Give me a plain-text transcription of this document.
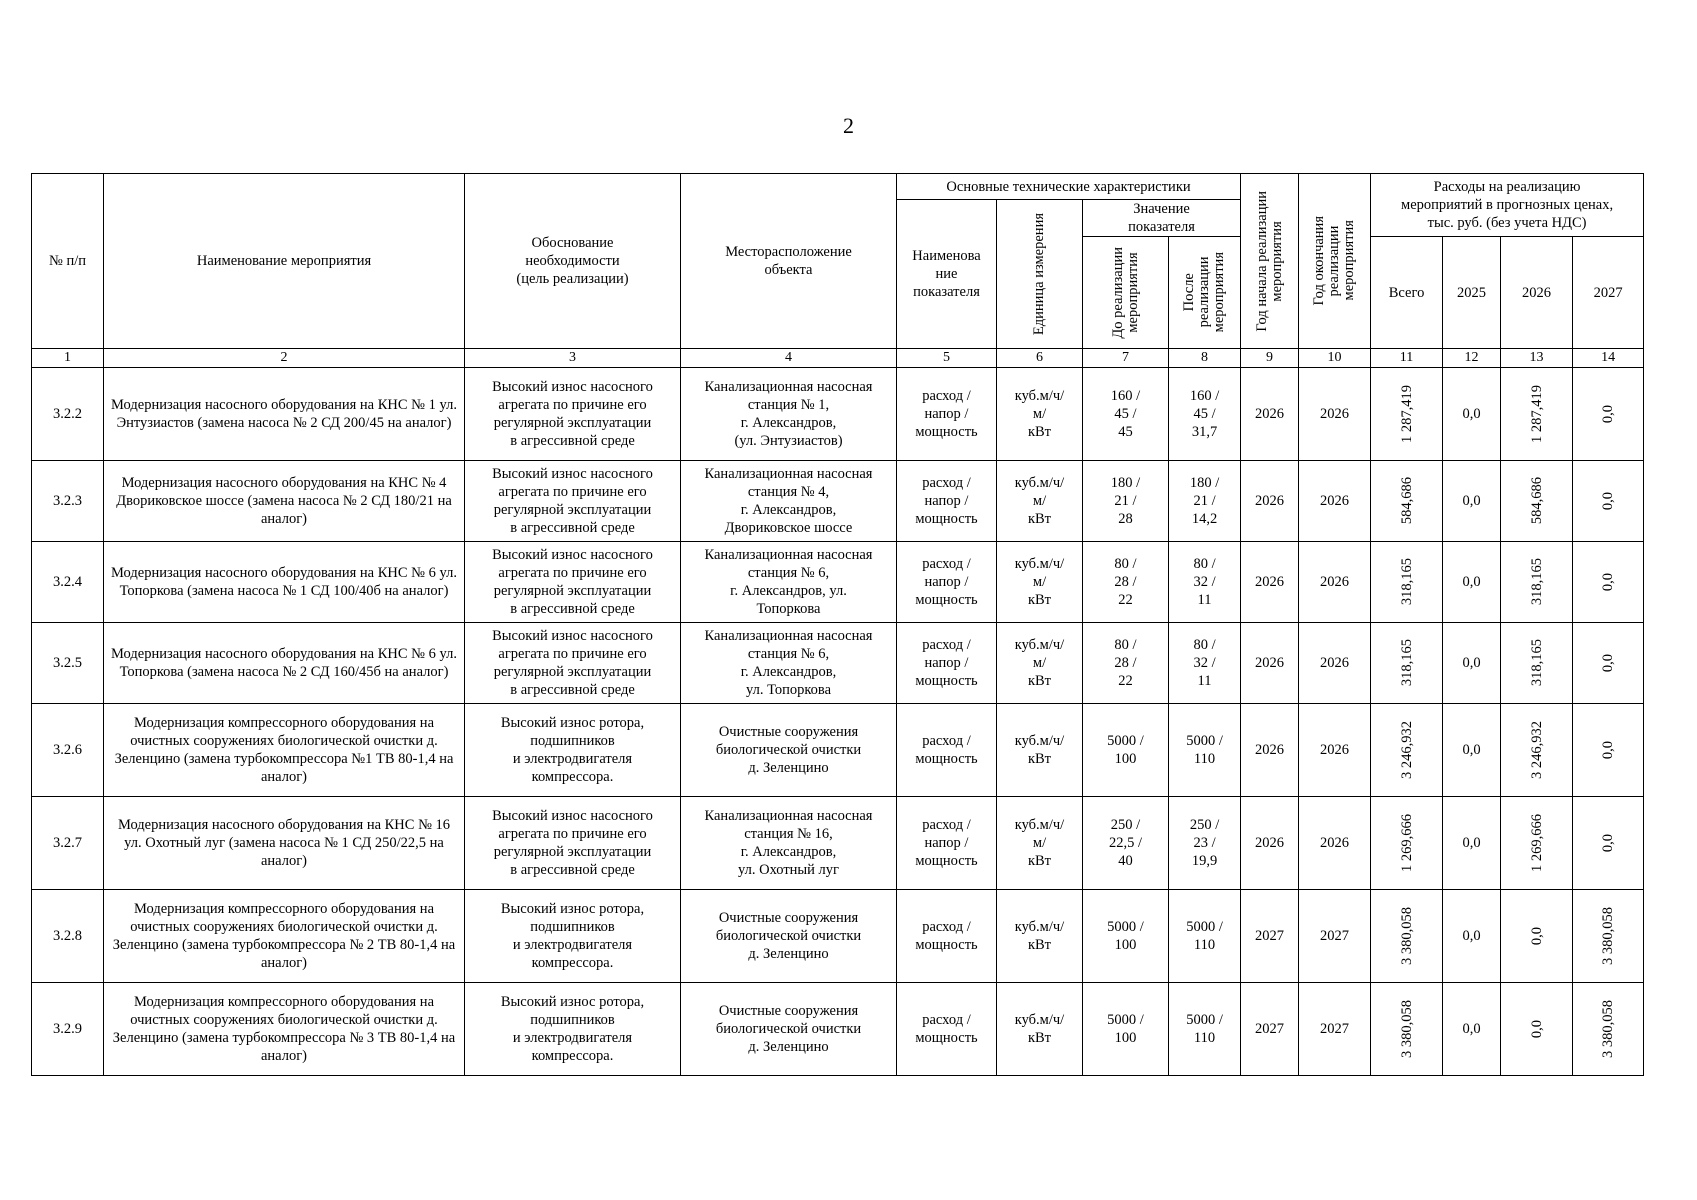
2
№ п/п	Наименование мероприятия	Обоснование
необходимости
(цель реализации)	Месторасположение
объекта	Основные технические характеристики				Год начала реализации
мероприятия	Год окончания
реализации
мероприятия	Расходы на реализацию
мероприятий в прогнозных ценах,
тыс. руб. (без учета НДС)			
				Наименова
ние
показателя	Единица измерения	Значение
показателя							

						До реализации
мероприятия	После
реализации
мероприятия			Всего	2025	2026	2027
1	2	3	4	5	6	7	8	9	10	11	12	13	14
3.2.2	Модернизация насосного оборудования на КНС № 1 ул. Энтузиастов (замена насоса № 2 СД 200/45 на аналог)	Высокий износ насосного
агрегата по причине его
регулярной эксплуатации
в агрессивной среде	Канализационная насосная
станция № 1,
г. Александров,
(ул. Энтузиастов)	расход /
напор /
мощность	куб.м/ч/
м/
кВт	160 /
45 /
45	160 /
45 /
31,7	2026	2026	1 287,419	0,0	1 287,419	0,0

3.2.3	Модернизация насосного оборудования на КНС № 4 Двориковское шоссе (замена насоса № 2 СД 180/21 на аналог)	Высокий износ насосного
агрегата по причине его
регулярной эксплуатации
в агрессивной среде	Канализационная насосная
станция № 4,
г. Александров,
Двориковское шоссе	расход /
напор /
мощность	куб.м/ч/
м/
кВт	180 /
21 /
28	180 /
21 /
14,2	2026	2026	584,686	0,0	584,686	0,0

3.2.4	Модернизация насосного оборудования на КНС № 6 ул. Топоркова (замена насоса № 1 СД 100/40б на аналог)	Высокий износ насосного
агрегата по причине его
регулярной эксплуатации
в агрессивной среде	Канализационная насосная
станция № 6,
г. Александров, ул.
Топоркова	расход /
напор /
мощность	куб.м/ч/
м/
кВт	80 /
28 /
22	80 /
32 /
11	2026	2026	318,165	0,0	318,165	0,0

3.2.5	Модернизация насосного оборудования на КНС № 6 ул. Топоркова (замена насоса № 2 СД 160/45б на аналог)	Высокий износ насосного
агрегата по причине его
регулярной эксплуатации
в агрессивной среде	Канализационная насосная
станция № 6,
г. Александров,
ул. Топоркова	расход /
напор /
мощность	куб.м/ч/
м/
кВт	80 /
28 /
22	80 /
32 /
11	2026	2026	318,165	0,0	318,165	0,0

3.2.6	Модернизация компрессорного оборудования на очистных сооружениях биологической очистки д. Зеленцино (замена турбокомпрессора №1 ТВ 80-1,4 на аналог)	Высокий износ ротора,
подшипников
и электродвигателя
компрессора.	Очистные сооружения
биологической очистки
д. Зеленцино	расход /
мощность	куб.м/ч/
кВт	5000 /
100	5000 /
110	2026	2026	3 246,932	0,0	3 246,932	0,0

3.2.7	Модернизация насосного оборудования на КНС № 16 ул. Охотный луг (замена насоса № 1 СД 250/22,5 на аналог)	Высокий износ насосного
агрегата по причине его
регулярной эксплуатации
в агрессивной среде	Канализационная насосная
станция № 16,
г. Александров,
ул. Охотный луг	расход /
напор /
мощность	куб.м/ч/
м/
кВт	250 /
22,5 /
40	250 /
23 /
19,9	2026	2026	1 269,666	0,0	1 269,666	0,0

3.2.8	Модернизация компрессорного оборудования на очистных сооружениях биологической очистки д. Зеленцино (замена турбокомпрессора № 2 ТВ 80-1,4 на аналог)	Высокий износ ротора,
подшипников
и электродвигателя
компрессора.	Очистные сооружения
биологической очистки
д. Зеленцино	расход /
мощность	куб.м/ч/
кВт	5000 /
100	5000 /
110	2027	2027	3 380,058	0,0	0,0	3 380,058

3.2.9	Модернизация компрессорного оборудования на очистных сооружениях биологической очистки д. Зеленцино (замена турбокомпрессора № 3 ТВ 80-1,4 на аналог)	Высокий износ ротора,
подшипников
и электродвигателя
компрессора.	Очистные сооружения
биологической очистки
д. Зеленцино	расход /
мощность	куб.м/ч/
кВт	5000 /
100	5000 /
110	2027	2027	3 380,058	0,0	0,0	3 380,058
